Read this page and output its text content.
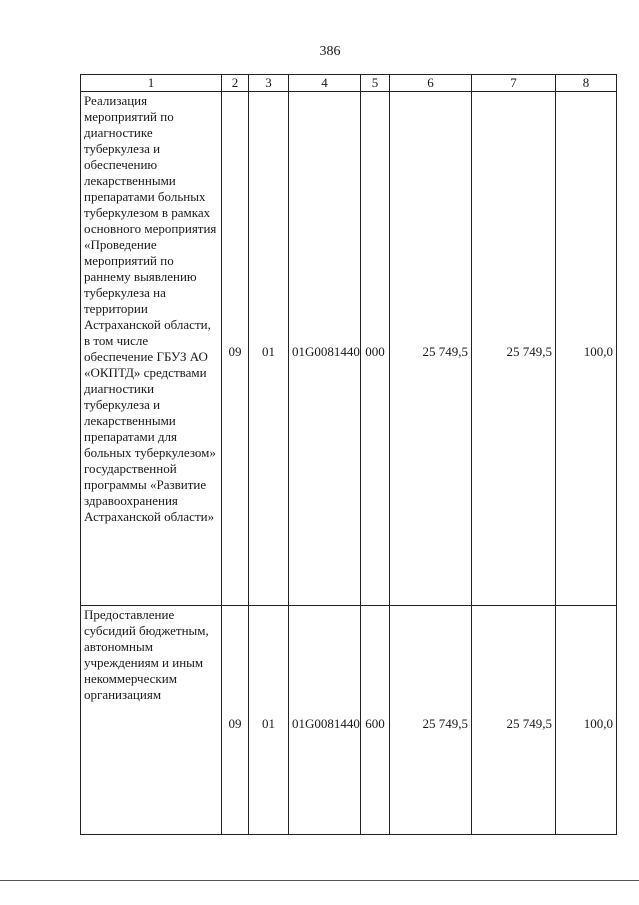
386
1	2	3	4	5	6	7	8
Реализация мероприятий по диагностике туберкулеза и обеспечению лекарственными препаратами больных туберкулезом в рамках основного мероприятия «Проведение мероприятий по раннему выявлению туберкулеза на территории Астраханской области, в том числе обеспечение ГБУЗ АО «ОКПТД» средствами диагностики туберкулеза и лекарственными препаратами для больных туберкулезом» государственной программы «Развитие здравоохранения Астраханской области»	09	01	01G0081440	000	25 749,5	25 749,5	100,0

Предоставление субсидий бюджетным, автономным учреждениям и иным некоммерческим организациям	09	01	01G0081440	600	25 749,5	25 749,5	100,0
